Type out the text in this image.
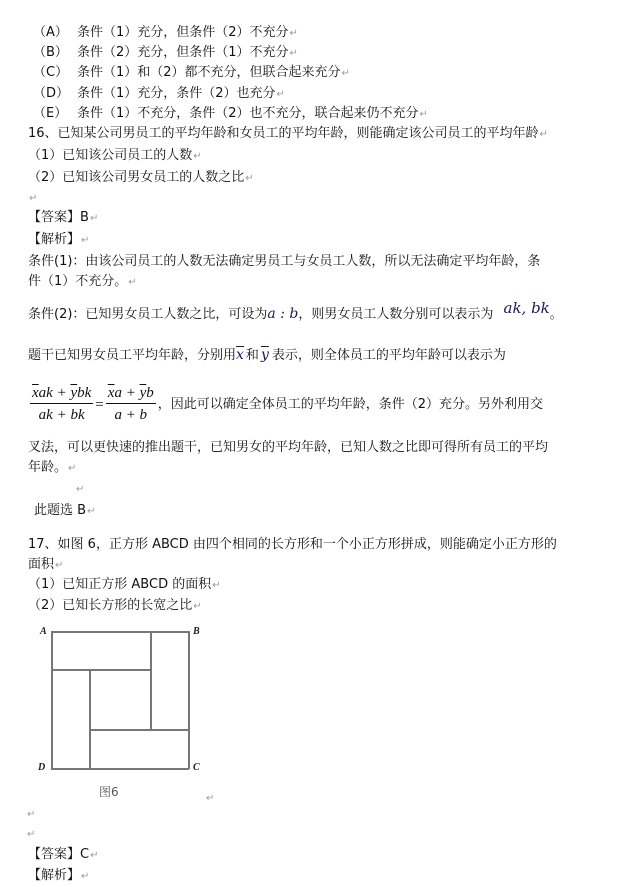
（A） 条件（1）充分，但条件（2）不充分↵
（B） 条件（2）充分，但条件（1）不充分↵
（C） 条件（1）和（2）都不充分，但联合起来充分↵
（D） 条件（1）充分，条件（2）也充分↵
（E） 条件（1）不充分，条件（2）也不充分，联合起来仍不充分↵
16、已知某公司男员工的平均年龄和女员工的平均年龄，则能确定该公司员工的平均年龄↵
（1）已知该公司员工的人数↵
（2）已知该公司男女员工的人数之比↵
↵
【答案】B↵
【解析】↵
条件(1)：由该公司员工的人数无法确定男员工与女员工人数，所以无法确定平均年龄，条
件（1）不充分。↵
条件(2)：已知男女员工人数之比，可设为a : b，则男女员工人数分别可以表示为 ak, bk。
题干已知男女员工平均年龄，分别用$\overline{x}$ 和 $\overline{y}$ 表示，则全体员工的平均年龄可以表示为
$\frac{\overline{x}ak + \overline{y}bk}{ak + bk} = \frac{\overline{x}a + \overline{y}b}{a + b}$ ，因此可以确定全体员工的平均年龄，条件（2）充分。另外利用交
叉法，可以更快速的推出题干，已知男女的平均年龄，已知人数之比即可得所有员工的平均
年龄。↵
↵
此题选 B↵
17、如图 6，正方形 ABCD 由四个相同的长方形和一个小正方形拼成，则能确定小正方形的
面积↵
（1）已知正方形 ABCD 的面积↵
（2）已知长方形的长宽之比↵
A	B
C
D
图6	↵
↵
↵
【答案】C↵
【解析】↵
